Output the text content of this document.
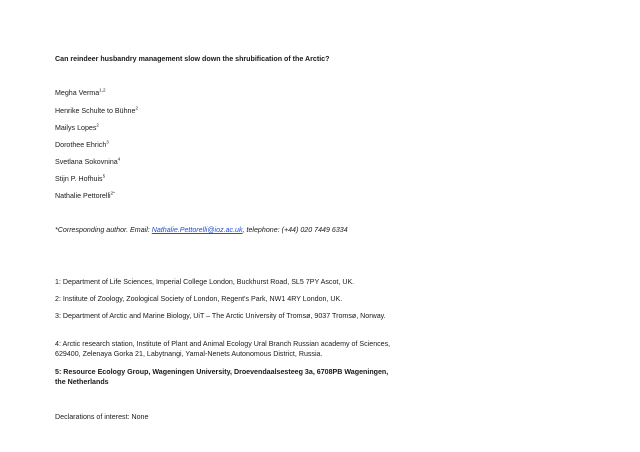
Can reindeer husbandry management slow down the shrubification of the Arctic?
Megha Verma$^{1,2}$
Henrike Schulte to Bühne$^2$
Mailys Lopes$^2$
Dorothee Ehrich$^3$
Svetlana Sokovnina$^4$
Stijn P. Hofhuis$^5$
Nathalie Pettorelli$^{2*}$
*Corresponding author. Email: Nathalie.Pettorelli@ioz.ac.uk, telephone: (+44) 020 7449 6334
1: Department of Life Sciences, Imperial College London, Buckhurst Road, SL5 7PY Ascot, UK.
2: Institute of Zoology, Zoological Society of London, Regent's Park, NW1 4RY London, UK.
3: Department of Arctic and Marine Biology, UiT – The Arctic University of Tromsø, 9037 Tromsø, Norway.
4: Arctic research station, Institute of Plant and Animal Ecology Ural Branch Russian academy of Sciences, 629400, Zelenaya Gorka 21, Labytnangi, Yamal-Nenets Autonomous District, Russia.
5: Resource Ecology Group, Wageningen University, Droevendaalsesteeg 3a, 6708PB Wageningen, the Netherlands
Declarations of interest: None
